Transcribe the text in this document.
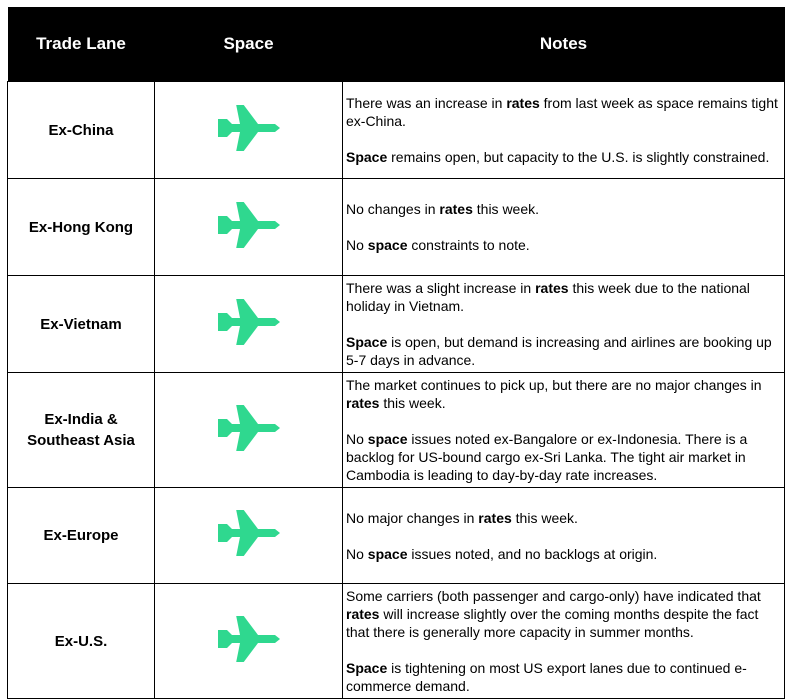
Trade Lane	Space	Notes
Ex-China		There was an increase in rates from last week as space remains tight ex-China.

Space remains open, but capacity to the U.S. is slightly constrained.

Ex-Hong Kong		No changes in rates this week.

No space constraints to note.

Ex-Vietnam		There was a slight increase in rates this week due to the national holiday in Vietnam.

Space is open, but demand is increasing and airlines are booking up 5-7 days in advance.

Ex-India & Southeast Asia		The market continues to pick up, but there are no major changes in rates this week.

No space issues noted ex-Bangalore or ex-Indonesia. There is a backlog for US-bound cargo ex-Sri Lanka. The tight air market in Cambodia is leading to day-by-day rate increases.

Ex-Europe		No major changes in rates this week.

No space issues noted, and no backlogs at origin.

Ex-U.S.		Some carriers (both passenger and cargo-only) have indicated that rates will increase slightly over the coming months despite the fact that there is generally more capacity in summer months.

Space is tightening on most US export lanes due to continued e-commerce demand.
